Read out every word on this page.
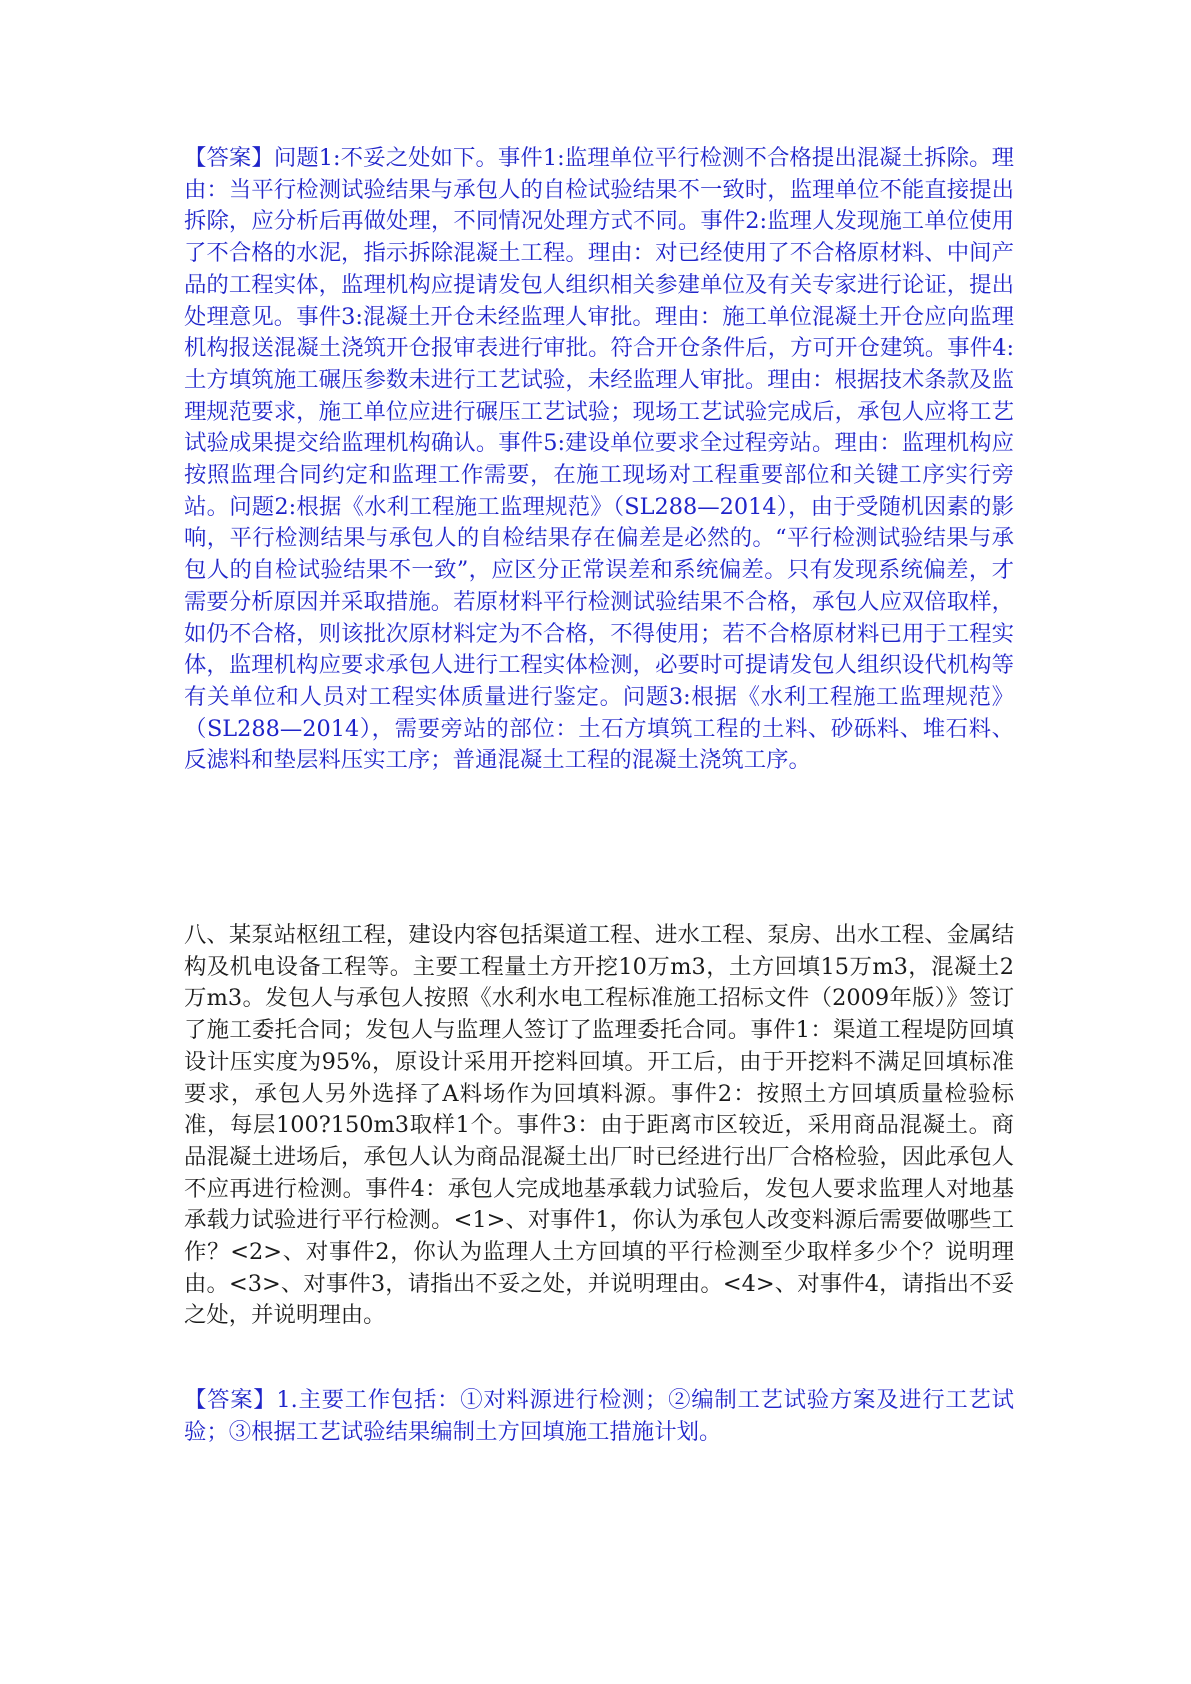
【答案】问题1:不妥之处如下。事件1:监理单位平行检测不合格提出混凝土拆除。理由：当平行检测试验结果与承包人的自检试验结果不一致时，监理单位不能直接提出拆除，应分析后再做处理，不同情况处理方式不同。事件2:监理人发现施工单位使用了不合格的水泥，指示拆除混凝土工程。理由：对已经使用了不合格原材料、中间产品的工程实体，监理机构应提请发包人组织相关参建单位及有关专家进行论证，提出处理意见。事件3:混凝土开仓未经监理人审批。理由：施工单位混凝土开仓应向监理机构报送混凝土浇筑开仓报审表进行审批。符合开仓条件后，方可开仓建筑。事件4:土方填筑施工碾压参数未进行工艺试验，未经监理人审批。理由：根据技术条款及监理规范要求，施工单位应进行碾压工艺试验；现场工艺试验完成后，承包人应将工艺试验成果提交给监理机构确认。事件5:建设单位要求全过程旁站。理由：监理机构应按照监理合同约定和监理工作需要，在施工现场对工程重要部位和关键工序实行旁站。问题2:根据《水利工程施工监理规范》（SL288—2014），由于受随机因素的影响，平行检测结果与承包人的自检结果存在偏差是必然的。“平行检测试验结果与承包人的自检试验结果不一致”，应区分正常误差和系统偏差。只有发现系统偏差，才需要分析原因并采取措施。若原材料平行检测试验结果不合格，承包人应双倍取样，如仍不合格，则该批次原材料定为不合格，不得使用；若不合格原材料已用于工程实体，监理机构应要求承包人进行工程实体检测，必要时可提请发包人组织设代机构等有关单位和人员对工程实体质量进行鉴定。问题3:根据《水利工程施工监理规范》（SL288—2014），需要旁站的部位：土石方填筑工程的土料、砂砾料、堆石料、反滤料和垫层料压实工序；普通混凝土工程的混凝土浇筑工序。

八、某泵站枢纽工程，建设内容包括渠道工程、进水工程、泵房、出水工程、金属结构及机电设备工程等。主要工程量土方开挖10万m3，土方回填15万m3，混凝土2万m3。发包人与承包人按照《水利水电工程标准施工招标文件（2009年版）》签订了施工委托合同；发包人与监理人签订了监理委托合同。事件1：渠道工程堤防回填设计压实度为95%，原设计采用开挖料回填。开工后，由于开挖料不满足回填标准要求，承包人另外选择了A料场作为回填料源。事件2：按照土方回填质量检验标准，每层100?150m3取样1个。事件3：由于距离市区较近，采用商品混凝土。商品混凝土进场后，承包人认为商品混凝土出厂时已经进行出厂合格检验，因此承包人不应再进行检测。事件4：承包人完成地基承载力试验后，发包人要求监理人对地基承载力试验进行平行检测。<1>、对事件1，你认为承包人改变料源后需要做哪些工作？<2>、对事件2，你认为监理人土方回填的平行检测至少取样多少个？说明理由。<3>、对事件3，请指出不妥之处，并说明理由。<4>、对事件4，请指出不妥之处，并说明理由。

【答案】1.主要工作包括：①对料源进行检测；②编制工艺试验方案及进行工艺试验；③根据工艺试验结果编制土方回填施工措施计划。
